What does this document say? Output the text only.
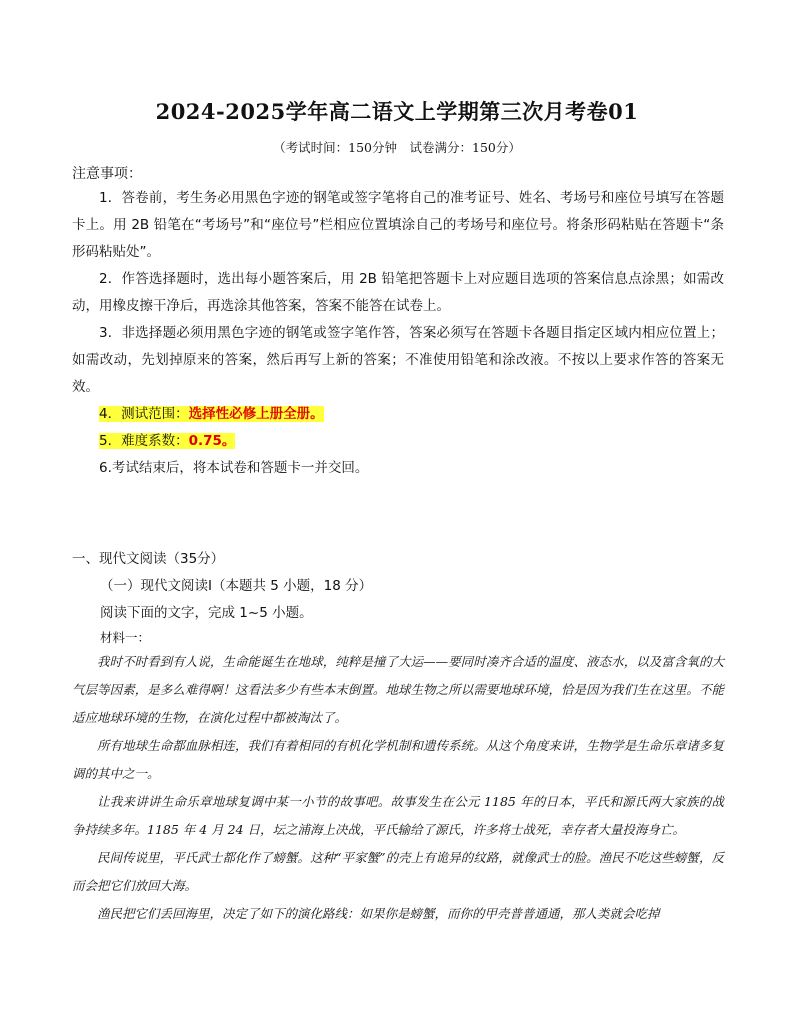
2024-2025学年高二语文上学期第三次月考卷01
（考试时间：150分钟　试卷满分：150分）
注意事项：

1．答卷前，考生务必用黑色字迹的钢笔或签字笔将自己的准考证号、姓名、考场号和座位号填写在答题卡上。用 2B 铅笔在“考场号”和“座位号”栏相应位置填涂自己的考场号和座位号。将条形码粘贴在答题卡“条形码粘贴处”。

2．作答选择题时，选出每小题答案后，用 2B 铅笔把答题卡上对应题目选项的答案信息点涂黑；如需改动，用橡皮擦干净后，再选涂其他答案，答案不能答在试卷上。

3．非选择题必须用黑色字迹的钢笔或签字笔作答，答案必须写在答题卡各题目指定区域内相应位置上；如需改动，先划掉原来的答案，然后再写上新的答案；不准使用铅笔和涂改液。不按以上要求作答的答案无效。

4．测试范围：选择性必修上册全册。

5．难度系数：0.75。

6.考试结束后，将本试卷和答题卡一并交回。

一、现代文阅读（35分）
（一）现代文阅读Ⅰ（本题共 5 小题，18 分）
阅读下面的文字，完成 1~5 小题。
材料一：

我时不时看到有人说，生命能诞生在地球，纯粹是撞了大运——要同时凑齐合适的温度、液态水，以及富含氧的大气层等因素，是多么难得啊！这看法多少有些本末倒置。地球生物之所以需要地球环境，恰是因为我们生在这里。不能适应地球环境的生物，在演化过程中都被淘汰了。

所有地球生命都血脉相连，我们有着相同的有机化学机制和遗传系统。从这个角度来讲，生物学是生命乐章诸多复调的其中之一。

让我来讲讲生命乐章地球复调中某一小节的故事吧。故事发生在公元 1185 年的日本，平氏和源氏两大家族的战争持续多年。1185 年 4 月 24 日，坛之浦海上决战，平氏输给了源氏，许多将士战死，幸存者大量投海身亡。

民间传说里，平氏武士都化作了螃蟹。这种“平家蟹”的壳上有诡异的纹路，就像武士的脸。渔民不吃这些螃蟹，反而会把它们放回大海。

渔民把它们丢回海里，决定了如下的演化路线：如果你是螃蟹，而你的甲壳普普通通，那人类就会吃掉
